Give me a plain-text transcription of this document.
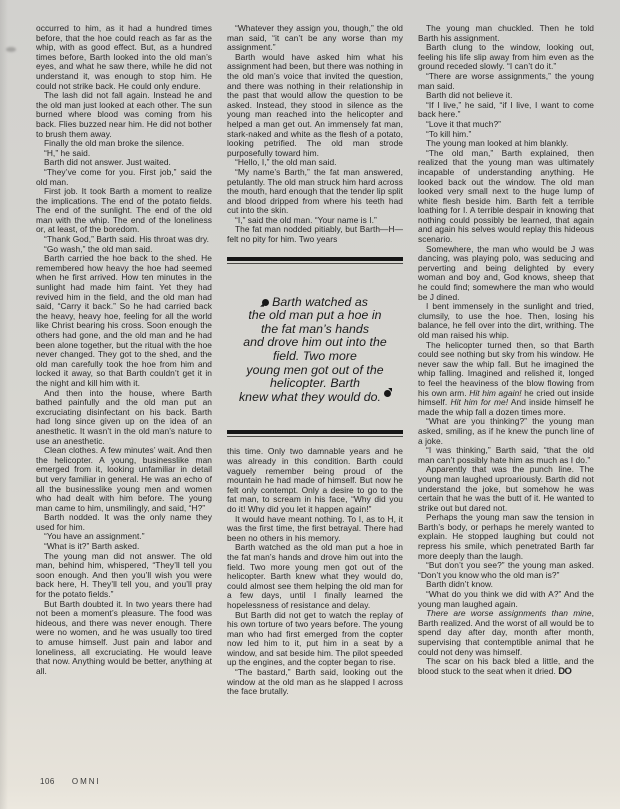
occurred to him, as it had a hundred times before, that the hoe could reach as far as the whip, with as good effect. But, as a hundred times before, Barth looked into the old man’s eyes, and what he saw there, while he did not understand it, was enough to stop him. He could not strike back. He could only endure.

The lash did not fall again. Instead he and the old man just looked at each other. The sun burned where blood was coming from his back. Flies buzzed near him. He did not bother to brush them away.

Finally the old man broke the silence.

“H,” he said.

Barth did not answer. Just waited.

“They’ve come for you. First job,” said the old man.

First job. It took Barth a moment to realize the implications. The end of the potato fields. The end of the sunlight. The end of the old man with the whip. The end of the loneliness or, at least, of the boredom.

“Thank God,” Barth said. His throat was dry.

“Go wash,” the old man said.

Barth carried the hoe back to the shed. He remembered how heavy the hoe had seemed when he first arrived. How ten minutes in the sunlight had made him faint. Yet they had revived him in the field, and the old man had said, “Carry it back.” So he had carried back the heavy, heavy hoe, feeling for all the world like Christ bearing his cross. Soon enough the others had gone, and the old man and he had been alone together, but the ritual with the hoe never changed. They got to the shed, and the old man carefully took the hoe from him and locked it away, so that Barth couldn’t get it in the night and kill him with it.

And then into the house, where Barth bathed painfully and the old man put an excruciating disinfectant on his back. Barth had long since given up on the idea of an anesthetic. It wasn’t in the old man’s nature to use an anesthetic.

Clean clothes. A few minutes’ wait. And then the helicopter. A young, businesslike man emerged from it, looking unfamiliar in detail but very familiar in general. He was an echo of all the businesslike young men and women who had dealt with him before. The young man came to him, unsmilingly, and said, “H?”

Barth nodded. It was the only name they used for him.

“You have an assignment.”

“What is it?” Barth asked.

The young man did not answer. The old man, behind him, whispered, “They’ll tell you soon enough. And then you’ll wish you were back here, H. They’ll tell you, and you’ll pray for the potato fields.”

But Barth doubted it. In two years there had not been a moment’s pleasure. The food was hideous, and there was never enough. There were no women, and he was usually too tired to amuse himself. Just pain and labor and loneliness, all excruciating. He would leave that now. Anything would be better, anything at all.

“Whatever they assign you, though,” the old man said, “it can’t be any worse than my assignment.”

Barth would have asked him what his assignment had been, but there was nothing in the old man’s voice that invited the question, and there was nothing in their relationship in the past that would allow the question to be asked. Instead, they stood in silence as the young man reached into the helicopter and helped a man get out. An immensely fat man, stark-naked and white as the flesh of a potato, looking petrified. The old man strode purposefully toward him.

“Hello, I,” the old man said.

“My name’s Barth,” the fat man answered, petulantly. The old man struck him hard across the mouth, hard enough that the tender lip split and blood dripped from where his teeth had cut into the skin.

“I,” said the old man. “Your name is I.”

The fat man nodded pitiably, but Barth—H—felt no pity for him. Two years

Barth watched as
the old man put a hoe in
the fat man’s hands
and drove him out into the
field. Two more
young men got out of the
helicopter. Barth
knew what they would do.

this time. Only two damnable years and he was already in this condition. Barth could vaguely remember being proud of the mountain he had made of himself. But now he felt only contempt. Only a desire to go to the fat man, to scream in his face, “Why did you do it! Why did you let it happen again!”

It would have meant nothing. To I, as to H, it was the first time, the first betrayal. There had been no others in his memory.

Barth watched as the old man put a hoe in the fat man’s hands and drove him out into the field. Two more young men got out of the helicopter. Barth knew what they would do, could almost see them helping the old man for a few days, until I finally learned the hopelessness of resistance and delay.

But Barth did not get to watch the replay of his own torture of two years before. The young man who had first emerged from the copter now led him to it, put him in a seat by a window, and sat beside him. The pilot speeded up the engines, and the copter began to rise.

“The bastard,” Barth said, looking out the window at the old man as he slapped I across the face brutally.

The young man chuckled. Then he told Barth his assignment.

Barth clung to the window, looking out, feeling his life slip away from him even as the ground receded slowly. “I can’t do it.”

“There are worse assignments,” the young man said.

Barth did not believe it.

“If I live,” he said, “if I live, I want to come back here.”

“Love it that much?”

“To kill him.”

The young man looked at him blankly.

“The old man,” Barth explained, then realized that the young man was ultimately incapable of understanding anything. He looked back out the window. The old man looked very small next to the huge lump of white flesh beside him. Barth felt a terrible loathing for I. A terrible despair in knowing that nothing could possibly be learned, that again and again his selves would replay this hideous scenario.

Somewhere, the man who would be J was dancing, was playing polo, was seducing and perverting and being delighted by every woman and boy and, God knows, sheep that he could find; somewhere the man who would be J dined.

I bent immensely in the sunlight and tried, clumsily, to use the hoe. Then, losing his balance, he fell over into the dirt, writhing. The old man raised his whip.

The helicopter turned then, so that Barth could see nothing but sky from his window. He never saw the whip fall. But he imagined the whip falling. Imagined and relished it, longed to feel the heaviness of the blow flowing from his own arm. Hit him again! he cried out inside himself. Hit him for me! And inside himself he made the whip fall a dozen times more.

“What are you thinking?” the young man asked, smiling, as if he knew the punch line of a joke.

“I was thinking,” Barth said, “that the old man can’t possibly hate him as much as I do.”

Apparently that was the punch line. The young man laughed uproariously. Barth did not understand the joke, but somehow he was certain that he was the butt of it. He wanted to strike out but dared not.

Perhaps the young man saw the tension in Barth’s body, or perhaps he merely wanted to explain. He stopped laughing but could not repress his smile, which penetrated Barth far more deeply than the laugh.

“But don’t you see?” the young man asked. “Don’t you know who the old man is?”

Barth didn’t know.

“What do you think we did with A?” And the young man laughed again.

There are worse assignments than mine, Barth realized. And the worst of all would be to spend day after day, month after month, supervising that contemptible animal that he could not deny was himself.

The scar on his back bled a little, and the blood stuck to the seat when it dried. DO

106 OMNI
